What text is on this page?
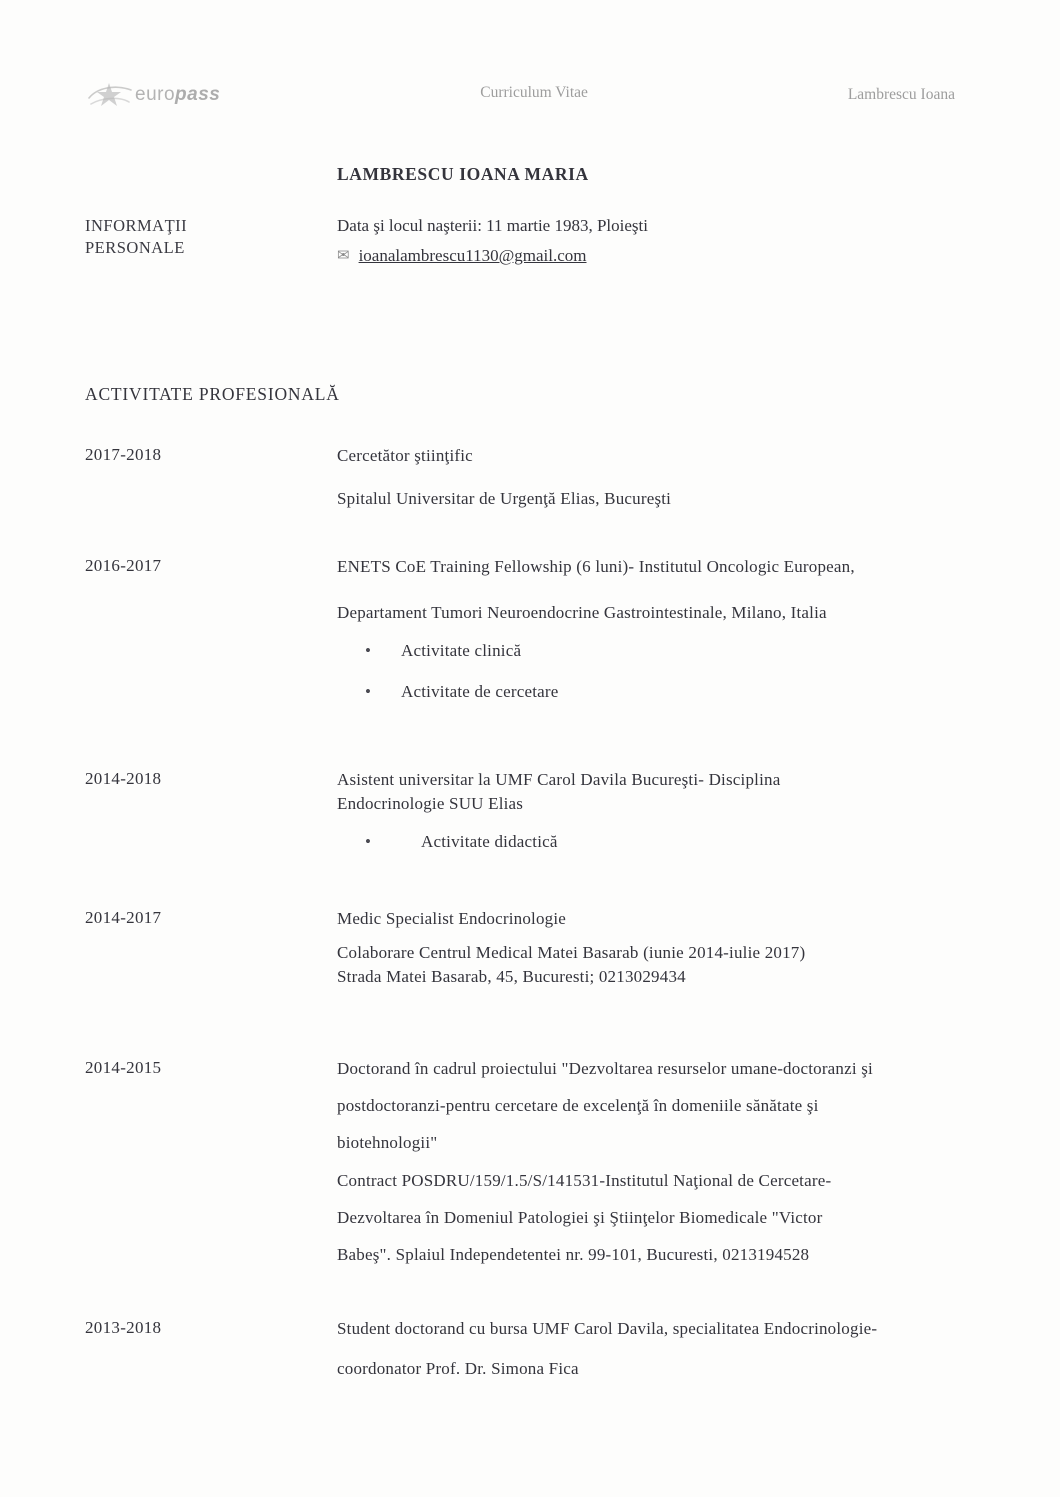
europass	Curriculum Vitae	Lambrescu Ioana
LAMBRESCU IOANA MARIA
INFORMAŢII
PERSONALE
Data şi locul naşterii: 11 martie 1983, Ploieşti
✉ ioanalambrescu1130@gmail.com
ACTIVITATE PROFESIONALĂ
2017-2018	Cercetător ştiinţific
Spitalul Universitar de Urgenţă Elias, Bucureşti
2016-2017	ENETS CoE Training Fellowship (6 luni)- Institutul Oncologic European,
Departament Tumori Neuroendocrine Gastrointestinale, Milano, Italia
•	Activitate clinică
•	Activitate de cercetare
2014-2018	Asistent universitar la UMF Carol Davila Bucureşti- Disciplina
Endocrinologie SUU Elias
•	Activitate didactică
2014-2017	Medic Specialist Endocrinologie
Colaborare Centrul Medical Matei Basarab (iunie 2014-iulie 2017)
Strada Matei Basarab, 45, Bucuresti; 0213029434
2014-2015	Doctorand în cadrul proiectului "Dezvoltarea resurselor umane-doctoranzi şi
postdoctoranzi-pentru cercetare de excelenţă în domeniile sănătate şi
biotehnologii"
Contract POSDRU/159/1.5/S/141531-Institutul Naţional de Cercetare-
Dezvoltarea în Domeniul Patologiei şi Ştiinţelor Biomedicale "Victor
Babeş". Splaiul Independetentei nr. 99-101, Bucuresti, 0213194528
2013-2018	Student doctorand cu bursa UMF Carol Davila, specialitatea Endocrinologie-
coordonator Prof. Dr. Simona Fica
